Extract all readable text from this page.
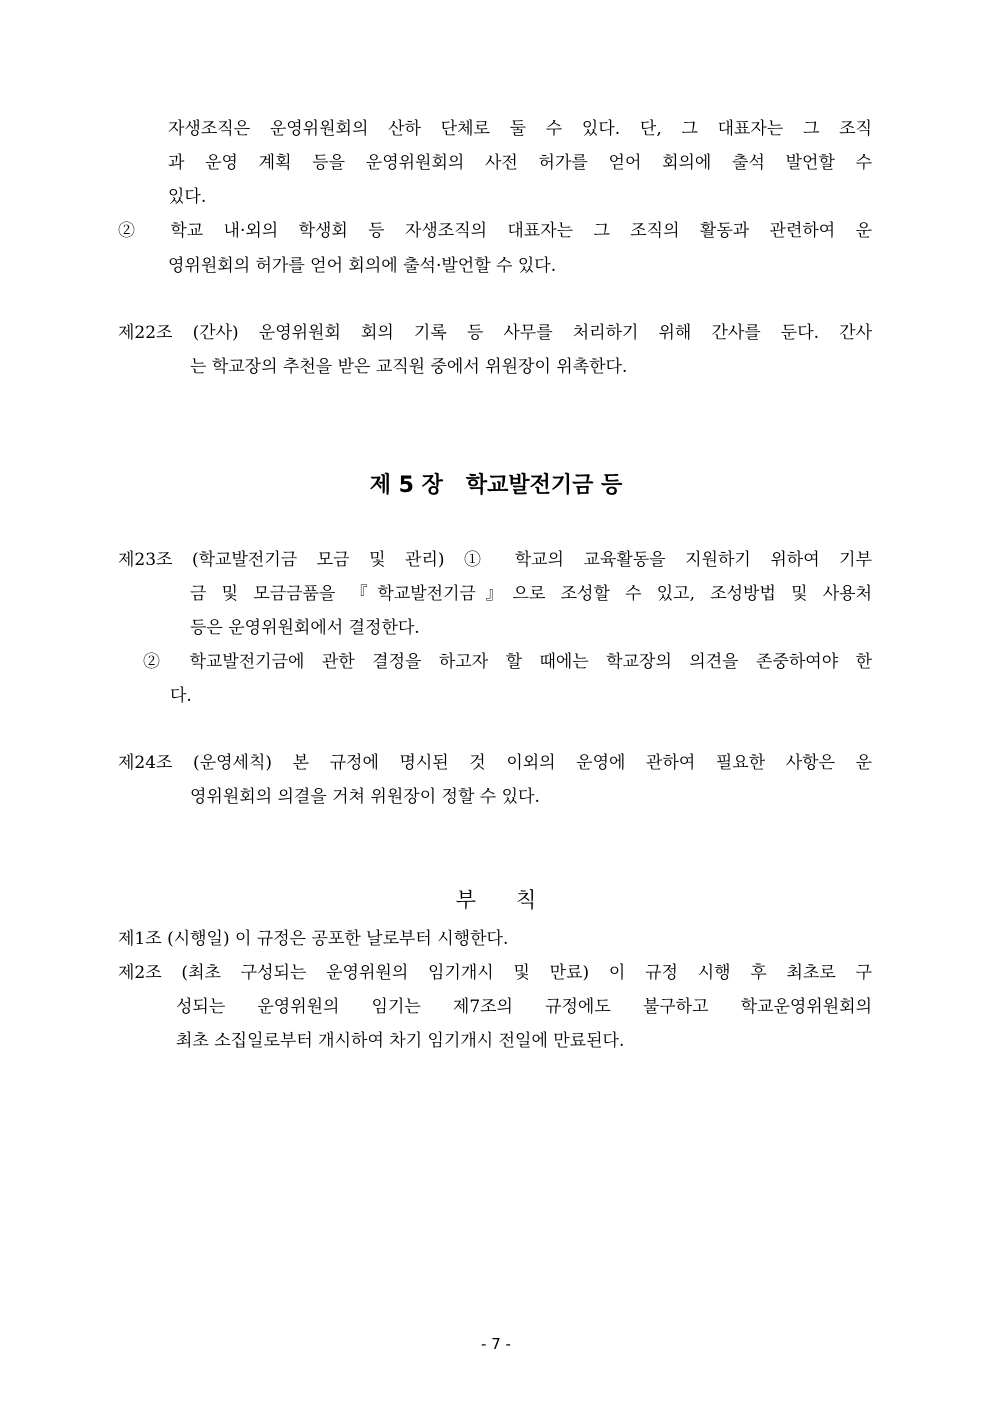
자생조직은 운영위원회의 산하 단체로 둘 수 있다. 단, 그 대표자는 그 조직
과 운영 계획 등을 운영위원회의 사전 허가를 얻어 회의에 출석 발언할 수
있다.
② 학교 내·외의 학생회 등 자생조직의 대표자는 그 조직의 활동과 관련하여 운
영위원회의 허가를 얻어 회의에 출석·발언할 수 있다.
제22조 (간사) 운영위원회 회의 기록 등 사무를 처리하기 위해 간사를 둔다. 간사
는 학교장의 추천을 받은 교직원 중에서 위원장이 위촉한다.
제 5 장   학교발전기금 등
제23조 (학교발전기금 모금 및 관리) ① 학교의 교육활동을 지원하기 위하여 기부
금 및 모금금품을 『학교발전기금』으로 조성할 수 있고, 조성방법 및 사용처
등은 운영위원회에서 결정한다.
② 학교발전기금에 관한 결정을 하고자 할 때에는 학교장의 의견을 존중하여야 한
다.
제24조 (운영세칙) 본 규정에 명시된 것 이외의 운영에 관하여 필요한 사항은 운
영위원회의 의결을 거쳐 위원장이 정할 수 있다.
부      칙
제1조 (시행일) 이 규정은 공포한 날로부터 시행한다.
제2조 (최초 구성되는 운영위원의 임기개시 및 만료) 이 규정 시행 후 최초로 구
성되는 운영위원의 임기는 제7조의 규정에도 불구하고 학교운영위원회의
최초 소집일로부터 개시하여 차기 임기개시 전일에 만료된다.
- 7 -
